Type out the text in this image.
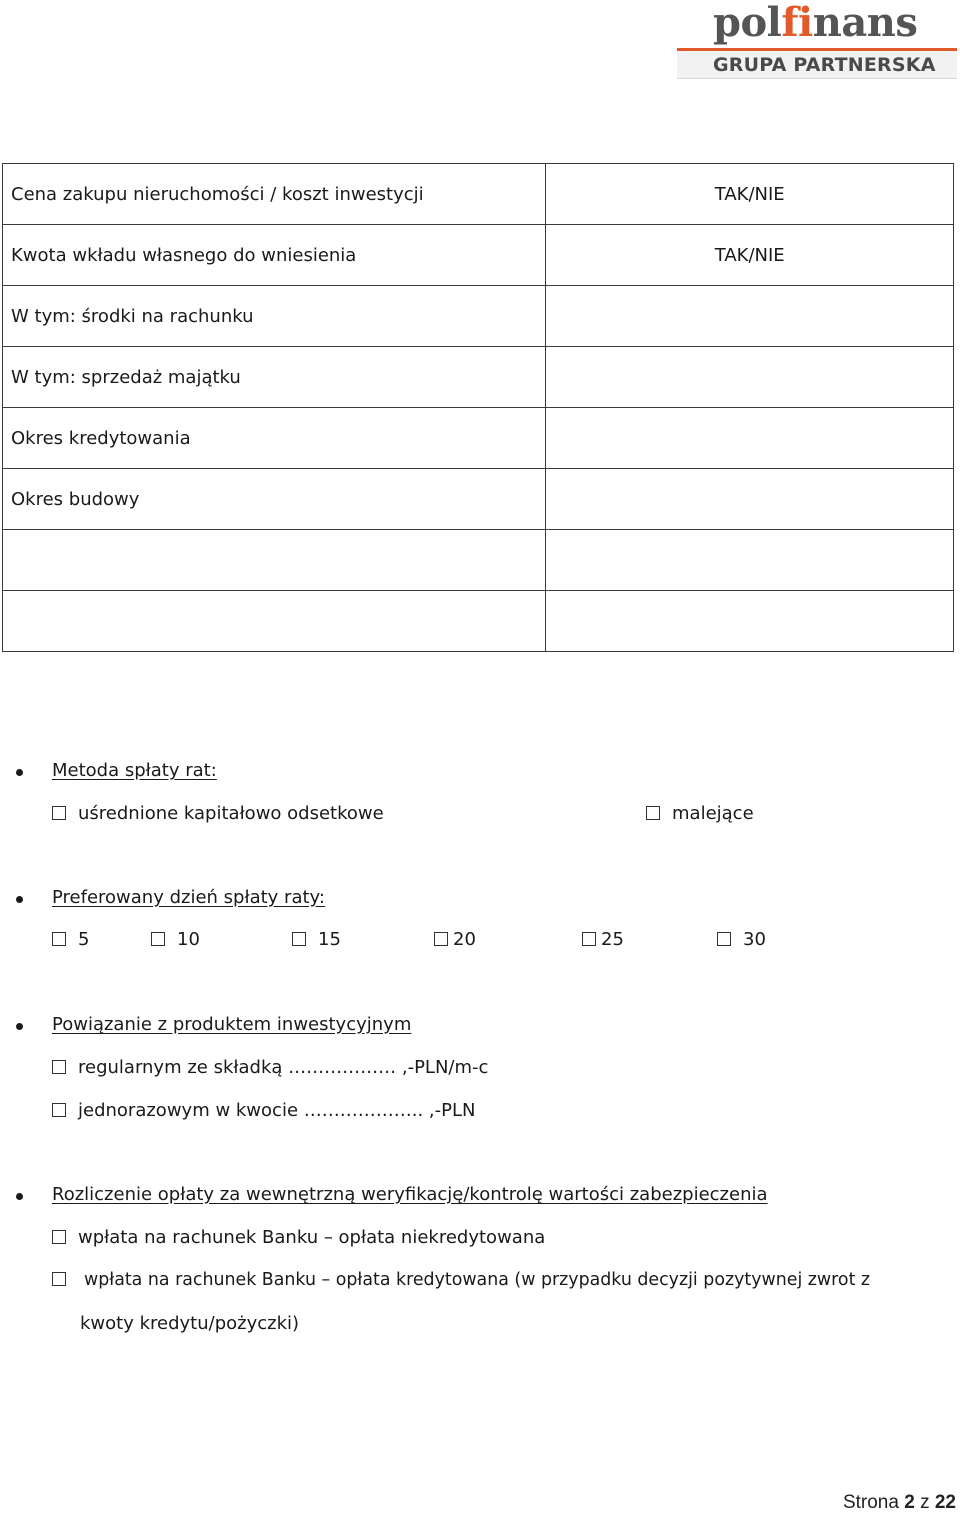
polfinans
GRUPA PARTNERSKA
Cena zakupu nieruchomości / koszt inwestycji	TAK/NIE
Kwota wkładu własnego do wniesienia	TAK/NIE
W tym: środki na rachunku	
W tym: sprzedaż majątku	
Okres kredytowania	
Okres budowy	

Metoda spłaty rat:
uśrednione kapitałowo odsetkowe	malejące
Preferowany dzień spłaty raty:
5	10	15	20	25	30
Powiązanie z produktem inwestycyjnym
regularnym ze składką ……………… ,-PLN/m-c
jednorazowym w kwocie ……………….. ,-PLN
Rozliczenie opłaty za wewnętrzną weryfikację/kontrolę wartości zabezpieczenia
wpłata na rachunek Banku – opłata niekredytowana
wpłata na rachunek Banku – opłata kredytowana (w przypadku decyzji pozytywnej zwrot z
kwoty kredytu/pożyczki)
Strona 2 z 22
